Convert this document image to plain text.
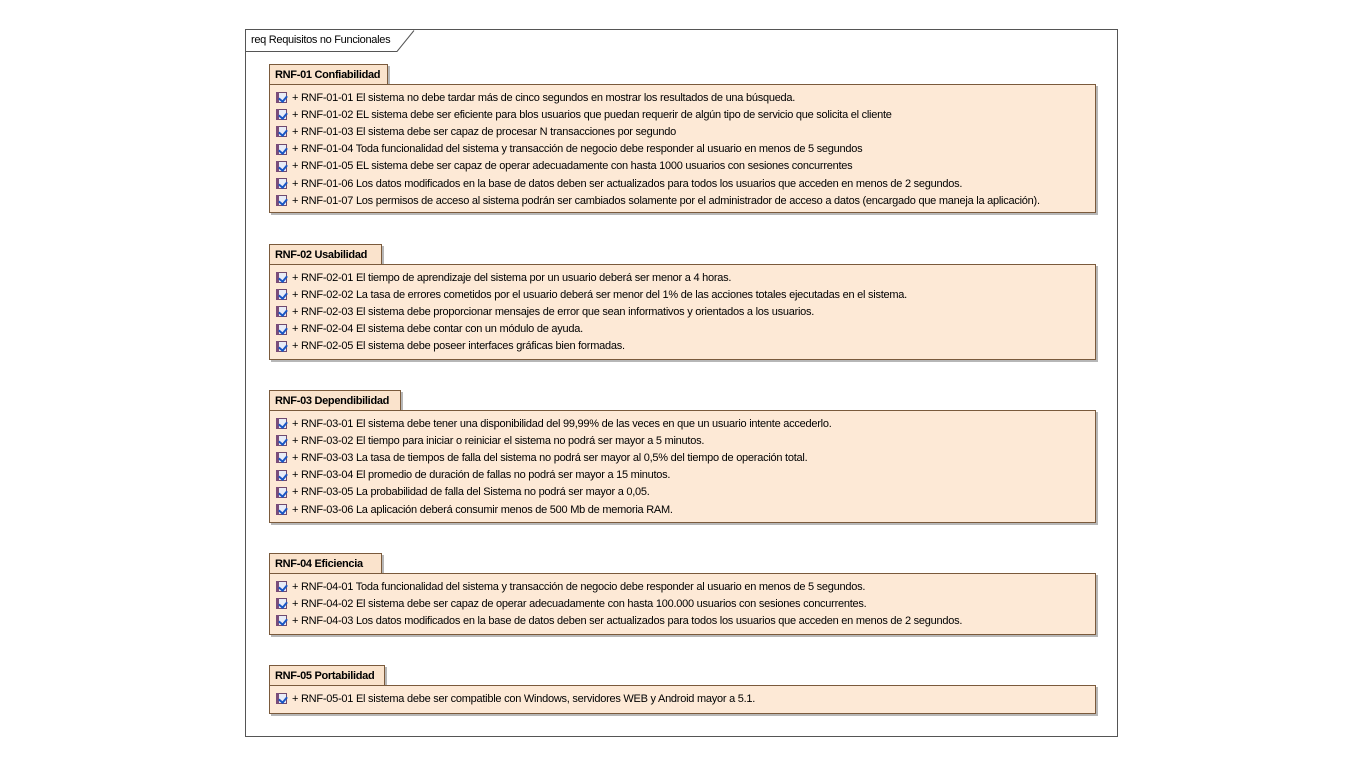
req Requisitos no Funcionales
RNF-01 Confiabilidad
+ RNF-01-01 El sistema no debe tardar más de cinco segundos en mostrar los resultados de una búsqueda.
+ RNF-01-02 EL sistema debe ser eficiente para blos usuarios que puedan requerir de algún tipo de servicio que solicita el cliente
+ RNF-01-03 El sistema debe ser capaz de procesar N transacciones por segundo
+ RNF-01-04 Toda funcionalidad del sistema y transacción de negocio debe responder al usuario en menos de 5 segundos
+ RNF-01-05 EL sistema debe ser capaz de operar adecuadamente con hasta 1000 usuarios con sesiones concurrentes
+ RNF-01-06 Los datos modificados en la base de datos deben ser actualizados para todos los usuarios que acceden en menos de 2 segundos.
+ RNF-01-07 Los permisos de acceso al sistema podrán ser cambiados solamente por el administrador de acceso a datos (encargado que maneja la aplicación).
RNF-02 Usabilidad
+ RNF-02-01 El tiempo de aprendizaje del sistema por un usuario deberá ser menor a 4 horas.
+ RNF-02-02 La tasa de errores cometidos por el usuario deberá ser menor del 1% de las acciones totales ejecutadas en el sistema.
+ RNF-02-03 El sistema debe proporcionar mensajes de error que sean informativos y orientados a los usuarios.
+ RNF-02-04 El sistema debe contar con un módulo de ayuda.
+ RNF-02-05 El sistema debe poseer interfaces gráficas bien formadas.
RNF-03 Dependibilidad
+ RNF-03-01 El sistema debe tener una disponibilidad del 99,99% de las veces en que un usuario intente accederlo.
+ RNF-03-02 El tiempo para iniciar o reiniciar el sistema no podrá ser mayor a 5 minutos.
+ RNF-03-03 La tasa de tiempos de falla del sistema no podrá ser mayor al 0,5% del tiempo de operación total.
+ RNF-03-04 El promedio de duración de fallas no podrá ser mayor a 15 minutos.
+ RNF-03-05 La probabilidad de falla del Sistema no podrá ser mayor a 0,05.
+ RNF-03-06 La aplicación deberá consumir menos de 500 Mb de memoria RAM.
RNF-04 Eficiencia
+ RNF-04-01 Toda funcionalidad del sistema y transacción de negocio debe responder al usuario en menos de 5 segundos.
+ RNF-04-02 El sistema debe ser capaz de operar adecuadamente con hasta 100.000 usuarios con sesiones concurrentes.
+ RNF-04-03 Los datos modificados en la base de datos deben ser actualizados para todos los usuarios que acceden en menos de 2 segundos.
RNF-05 Portabilidad
+ RNF-05-01 El sistema debe ser compatible con Windows, servidores WEB y Android mayor a 5.1.
